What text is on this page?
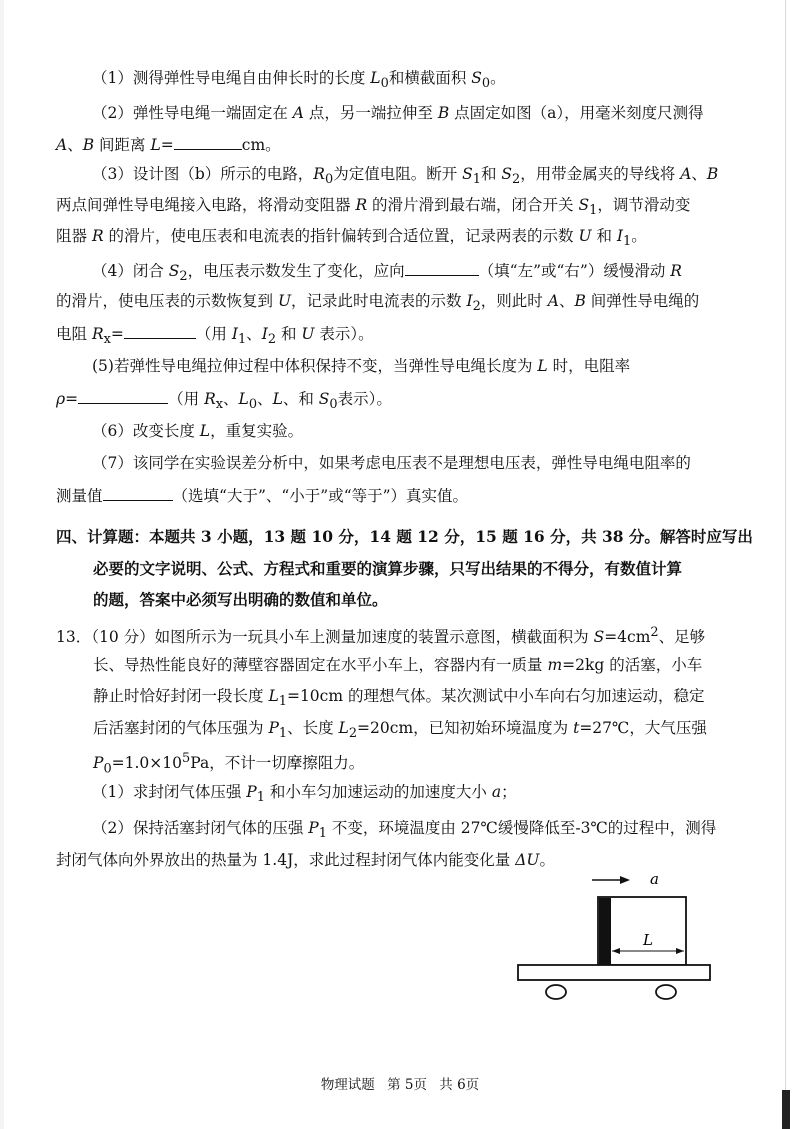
（1）测得弹性导电绳自由伸长时的长度 $L_0$和横截面积 $S_0$。
（2）弹性导电绳一端固定在 A 点，另一端拉伸至 B 点固定如图（a），用毫米刻度尺测得
A、B 间距离 L=	cm。
（3）设计图（b）所示的电路，$R_0$为定值电阻。断开 $S_1$和 $S_2$，用带金属夹的导线将 A、B
两点间弹性导电绳接入电路，将滑动变阻器 R 的滑片滑到最右端，闭合开关 $S_1$，调节滑动变
阻器 R 的滑片，使电压表和电流表的指针偏转到合适位置，记录两表的示数 U 和 $I_1$。
（4）闭合 $S_2$，电压表示数发生了变化，应向	（填“左”或“右”）缓慢滑动 R
的滑片，使电压表的示数恢复到 U，记录此时电流表的示数 $I_2$，则此时 A、B 间弹性导电绳的
电阻 $R_x=$	（用 $I_1$、$I_2$ 和 U 表示）。
(5)若弹性导电绳拉伸过程中体积保持不变，当弹性导电绳长度为 L 时，电阻率
ρ=	（用 $R_x$、$L_0$、L、和 $S_0$表示）。
（6）改变长度 L，重复实验。
（7）该同学在实验误差分析中，如果考虑电压表不是理想电压表，弹性导电绳电阻率的
测量值	（选填“大于”、“小于”或“等于”）真实值。
四、计算题：本题共 3 小题，13 题 10 分，14 题 12 分，15 题 16 分，共 38 分。解答时应写出
必要的文字说明、公式、方程式和重要的演算步骤，只写出结果的不得分，有数值计算
的题，答案中必须写出明确的数值和单位。
13．（10 分）如图所示为一玩具小车上测量加速度的装置示意图，横截面积为 $S=4cm^2$、足够
长、导热性能良好的薄壁容器固定在水平小车上，容器内有一质量 m=2kg 的活塞，小车
静止时恰好封闭一段长度 $L_1=10cm$ 的理想气体。某次测试中小车向右匀加速运动，稳定
后活塞封闭的气体压强为 $P_1$、长度 $L_2=20cm$，已知初始环境温度为 t=27℃，大气压强
$P_0=1.0\times 10^5Pa$，不计一切摩擦阻力。
（1）求封闭气体压强 $P_1$ 和小车匀加速运动的加速度大小 a；
（2）保持活塞封闭气体的压强 $P_1$ 不变，环境温度由 27℃缓慢降低至-3℃的过程中，测得
封闭气体向外界放出的热量为 1.4J，求此过程封闭气体内能变化量 ΔU。
a
L
物理试题 第 5页 共 6页
